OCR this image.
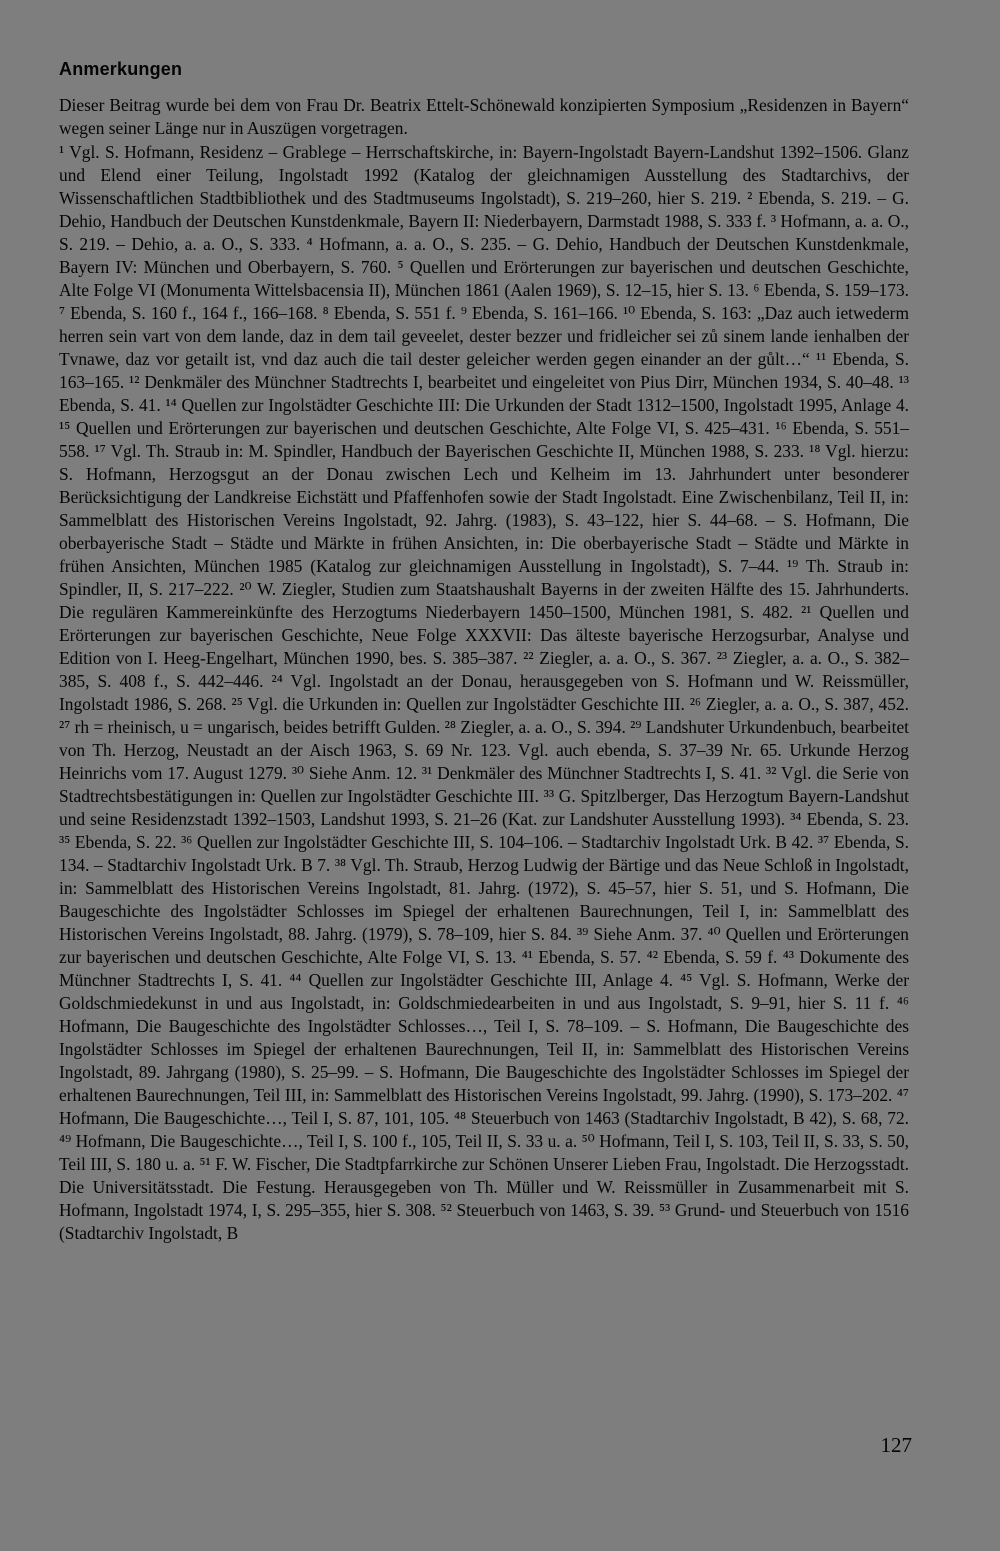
Anmerkungen

Dieser Beitrag wurde bei dem von Frau Dr. Beatrix Ettelt-Schönewald konzipierten Symposium „Residenzen in Bayern“ wegen seiner Länge nur in Auszügen vorgetragen.

¹ Vgl. S. Hofmann, Residenz – Grablege – Herrschaftskirche, in: Bayern-Ingolstadt Bayern-Landshut 1392–1506. Glanz und Elend einer Teilung, Ingolstadt 1992 (Katalog der gleichnamigen Ausstellung des Stadtarchivs, der Wissenschaftlichen Stadtbibliothek und des Stadtmuseums Ingolstadt), S. 219–260, hier S. 219. ² Ebenda, S. 219. – G. Dehio, Handbuch der Deutschen Kunstdenkmale, Bayern II: Niederbayern, Darmstadt 1988, S. 333 f. ³ Hofmann, a. a. O., S. 219. – Dehio, a. a. O., S. 333. ⁴ Hofmann, a. a. O., S. 235. – G. Dehio, Handbuch der Deutschen Kunstdenkmale, Bayern IV: München und Oberbayern, S. 760. ⁵ Quellen und Erörterungen zur bayerischen und deutschen Geschichte, Alte Folge VI (Monumenta Wittelsbacensia II), München 1861 (Aalen 1969), S. 12–15, hier S. 13. ⁶ Ebenda, S. 159–173. ⁷ Ebenda, S. 160 f., 164 f., 166–168. ⁸ Ebenda, S. 551 f. ⁹ Ebenda, S. 161–166. ¹⁰ Ebenda, S. 163: „Daz auch ietwederm herren sein vart von dem lande, daz in dem tail geveelet, dester bezzer und fridleicher sei zů sinem lande ienhalben der Tvnawe, daz vor getailt ist, vnd daz auch die tail dester geleicher werden gegen einander an der gůlt…“ ¹¹ Ebenda, S. 163–165. ¹² Denkmäler des Münchner Stadtrechts I, bearbeitet und eingeleitet von Pius Dirr, München 1934, S. 40–48. ¹³ Ebenda, S. 41. ¹⁴ Quellen zur Ingolstädter Geschichte III: Die Urkunden der Stadt 1312–1500, Ingolstadt 1995, Anlage 4. ¹⁵ Quellen und Erörterungen zur bayerischen und deutschen Geschichte, Alte Folge VI, S. 425–431. ¹⁶ Ebenda, S. 551–558. ¹⁷ Vgl. Th. Straub in: M. Spindler, Handbuch der Bayerischen Geschichte II, München 1988, S. 233. ¹⁸ Vgl. hierzu: S. Hofmann, Herzogsgut an der Donau zwischen Lech und Kelheim im 13. Jahrhundert unter besonderer Berücksichtigung der Landkreise Eichstätt und Pfaffenhofen sowie der Stadt Ingolstadt. Eine Zwischenbilanz, Teil II, in: Sammelblatt des Historischen Vereins Ingolstadt, 92. Jahrg. (1983), S. 43–122, hier S. 44–68. – S. Hofmann, Die oberbayerische Stadt – Städte und Märkte in frühen Ansichten, in: Die oberbayerische Stadt – Städte und Märkte in frühen Ansichten, München 1985 (Katalog zur gleichnamigen Ausstellung in Ingolstadt), S. 7–44. ¹⁹ Th. Straub in: Spindler, II, S. 217–222. ²⁰ W. Ziegler, Studien zum Staatshaushalt Bayerns in der zweiten Hälfte des 15. Jahrhunderts. Die regulären Kammereinkünfte des Herzogtums Niederbayern 1450–1500, München 1981, S. 482. ²¹ Quellen und Erörterungen zur bayerischen Geschichte, Neue Folge XXXVII: Das älteste bayerische Herzogsurbar, Analyse und Edition von I. Heeg-Engelhart, München 1990, bes. S. 385–387. ²² Ziegler, a. a. O., S. 367. ²³ Ziegler, a. a. O., S. 382–385, S. 408 f., S. 442–446. ²⁴ Vgl. Ingolstadt an der Donau, herausgegeben von S. Hofmann und W. Reissmüller, Ingolstadt 1986, S. 268. ²⁵ Vgl. die Urkunden in: Quellen zur Ingolstädter Geschichte III. ²⁶ Ziegler, a. a. O., S. 387, 452. ²⁷ rh = rheinisch, u = ungarisch, beides betrifft Gulden. ²⁸ Ziegler, a. a. O., S. 394. ²⁹ Landshuter Urkundenbuch, bearbeitet von Th. Herzog, Neustadt an der Aisch 1963, S. 69 Nr. 123. Vgl. auch ebenda, S. 37–39 Nr. 65. Urkunde Herzog Heinrichs vom 17. August 1279. ³⁰ Siehe Anm. 12. ³¹ Denkmäler des Münchner Stadtrechts I, S. 41. ³² Vgl. die Serie von Stadtrechtsbestätigungen in: Quellen zur Ingolstädter Geschichte III. ³³ G. Spitzlberger, Das Herzogtum Bayern-Landshut und seine Residenzstadt 1392–1503, Landshut 1993, S. 21–26 (Kat. zur Landshuter Ausstellung 1993). ³⁴ Ebenda, S. 23. ³⁵ Ebenda, S. 22. ³⁶ Quellen zur Ingolstädter Geschichte III, S. 104–106. – Stadtarchiv Ingolstadt Urk. B 42. ³⁷ Ebenda, S. 134. – Stadtarchiv Ingolstadt Urk. B 7. ³⁸ Vgl. Th. Straub, Herzog Ludwig der Bärtige und das Neue Schloß in Ingolstadt, in: Sammelblatt des Historischen Vereins Ingolstadt, 81. Jahrg. (1972), S. 45–57, hier S. 51, und S. Hofmann, Die Baugeschichte des Ingolstädter Schlosses im Spiegel der erhaltenen Baurechnungen, Teil I, in: Sammelblatt des Historischen Vereins Ingolstadt, 88. Jahrg. (1979), S. 78–109, hier S. 84. ³⁹ Siehe Anm. 37. ⁴⁰ Quellen und Erörterungen zur bayerischen und deutschen Geschichte, Alte Folge VI, S. 13. ⁴¹ Ebenda, S. 57. ⁴² Ebenda, S. 59 f. ⁴³ Dokumente des Münchner Stadtrechts I, S. 41. ⁴⁴ Quellen zur Ingolstädter Geschichte III, Anlage 4. ⁴⁵ Vgl. S. Hofmann, Werke der Goldschmiedekunst in und aus Ingolstadt, in: Goldschmiedearbeiten in und aus Ingolstadt, S. 9–91, hier S. 11 f. ⁴⁶ Hofmann, Die Baugeschichte des Ingolstädter Schlosses…, Teil I, S. 78–109. – S. Hofmann, Die Baugeschichte des Ingolstädter Schlosses im Spiegel der erhaltenen Baurechnungen, Teil II, in: Sammelblatt des Historischen Vereins Ingolstadt, 89. Jahrgang (1980), S. 25–99. – S. Hofmann, Die Baugeschichte des Ingolstädter Schlosses im Spiegel der erhaltenen Baurechnungen, Teil III, in: Sammelblatt des Historischen Vereins Ingolstadt, 99. Jahrg. (1990), S. 173–202. ⁴⁷ Hofmann, Die Baugeschichte…, Teil I, S. 87, 101, 105. ⁴⁸ Steuerbuch von 1463 (Stadtarchiv Ingolstadt, B 42), S. 68, 72. ⁴⁹ Hofmann, Die Baugeschichte…, Teil I, S. 100 f., 105, Teil II, S. 33 u. a. ⁵⁰ Hofmann, Teil I, S. 103, Teil II, S. 33, S. 50, Teil III, S. 180 u. a. ⁵¹ F. W. Fischer, Die Stadtpfarrkirche zur Schönen Unserer Lieben Frau, Ingolstadt. Die Herzogsstadt. Die Universitätsstadt. Die Festung. Herausgegeben von Th. Müller und W. Reissmüller in Zusammenarbeit mit S. Hofmann, Ingolstadt 1974, I, S. 295–355, hier S. 308. ⁵² Steuerbuch von 1463, S. 39. ⁵³ Grund- und Steuerbuch von 1516 (Stadtarchiv Ingolstadt, B

127
